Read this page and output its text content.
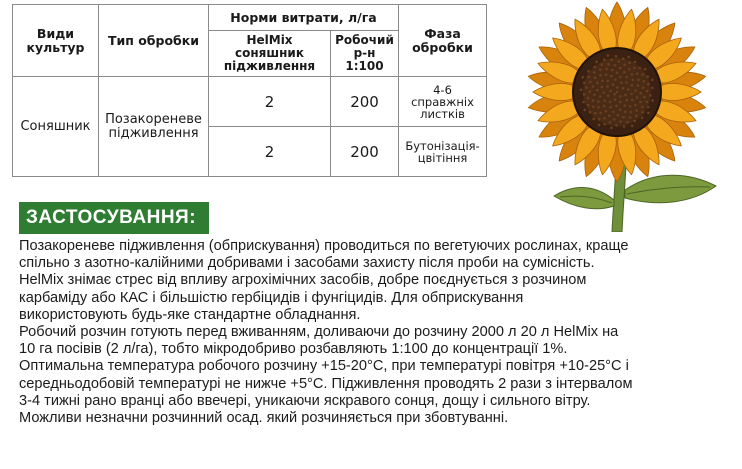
Види культур	Тип обробки	Норми витрати, л/га		Фаза обробки
		HelMix соняшник підживлення	Робочий р-н 1:100	
Соняшник	Позакореневе підживлення	2	200	4-6 справжніх листків
		2	200	Бутонізація-цвітіння
ЗАСТОСУВАННЯ:

Позакореневе підживлення (обприскування) проводиться по вегетуючих рослинах, краще

спільно з азотно-калійними добривами і засобами захисту після проби на сумісність.

HelMix знімає стрес від впливу агрохімічних засобів, добре поєднується з розчином

карбаміду або КАС і більшістю гербіцидів і фунгіцидів. Для обприскування

використовують будь-яке стандартне обладнання.

Робочий розчин готують перед вживанням, доливаючи до розчину 2000 л 20 л HelMix на

10 га посівів (2 л/га), тобто мікродобриво розбавляють 1:100 до концентрації 1%.

Оптимальна температура робочого розчину +15-20°С, при температурі повітря +10-25°С і

середньодобовій температурі не нижче +5°С. Підживлення проводять 2 рази з інтервалом

3-4 тижні рано вранці або ввечері, уникаючи яскравого сонця, дощу і сильного вітру.

Можливи незначни розчинний осад. який розчиняється при збовтуванні.
